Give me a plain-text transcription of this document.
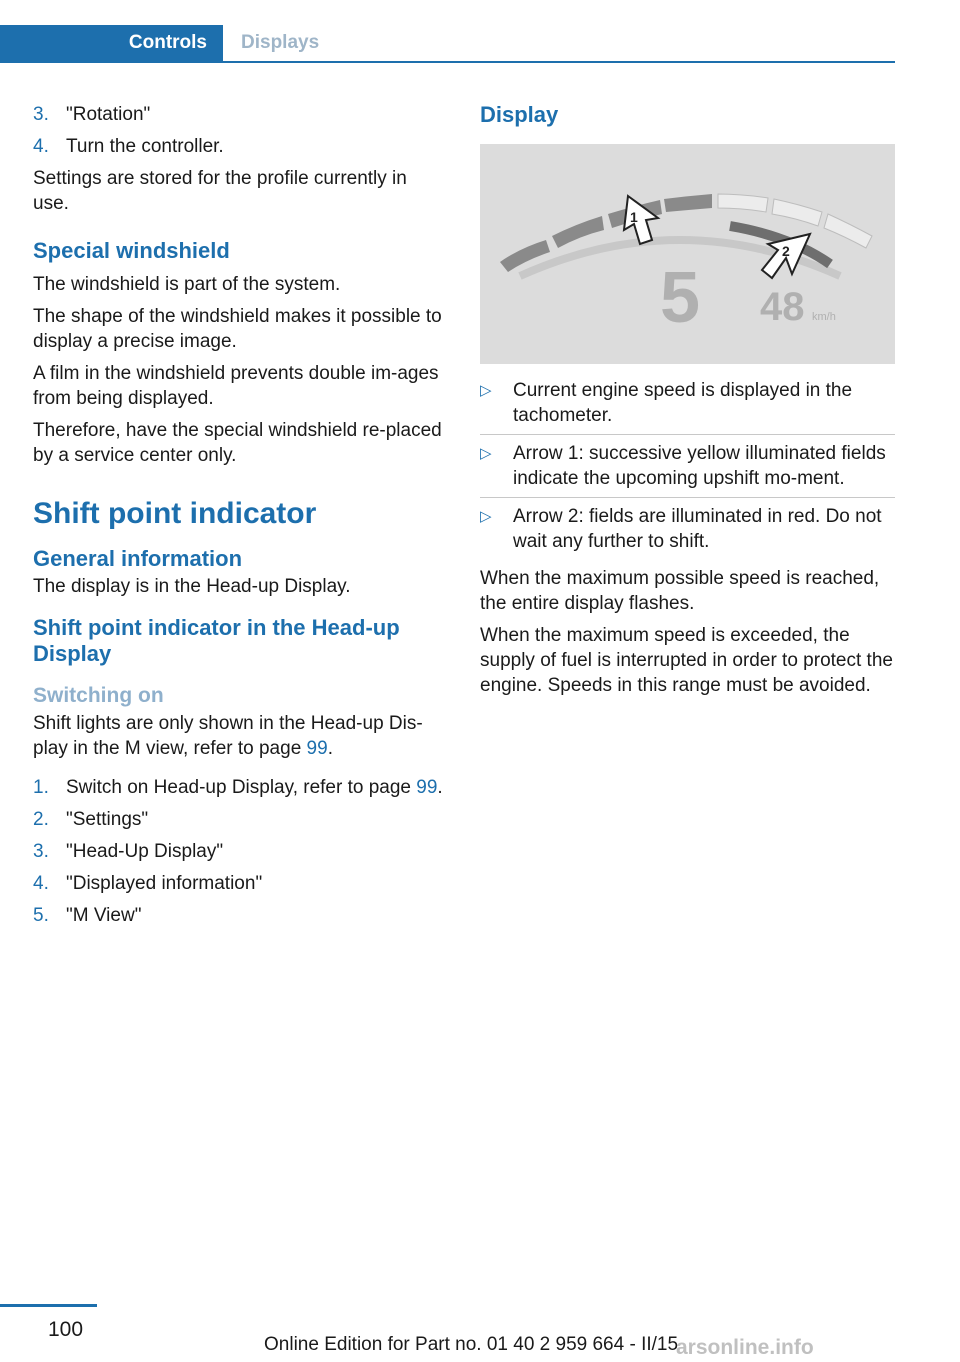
Controls	Displays
3. "Rotation"
4. Turn the controller.

Settings are stored for the profile currently in use.

Special windshield

The windshield is part of the system.

The shape of the windshield makes it possible to display a precise image.

A film in the windshield prevents double im-ages from being displayed.

Therefore, have the special windshield re-placed by a service center only.

Shift point indicator
General information

The display is in the Head-up Display.

Shift point indicator in the Head-up Display
Switching on

Shift lights are only shown in the Head-up Dis-play in the M view, refer to page 99.

1. Switch on Head-up Display, refer to page 99.
2. "Settings"
3. "Head-Up Display"
4. "Displayed information"
5. "M View"
Display
1
2
5 48 km/h
▷ Current engine speed is displayed in the tachometer.
▷ Arrow 1: successive yellow illuminated fields indicate the upcoming upshift mo-ment.
▷ Arrow 2: fields are illuminated in red. Do not wait any further to shift.

When the maximum possible speed is reached, the entire display flashes.

When the maximum speed is exceeded, the supply of fuel is interrupted in order to protect the engine. Speeds in this range must be avoided.

100
Online Edition for Part no. 01 40 2 959 664 - II/15
arsonline.info
